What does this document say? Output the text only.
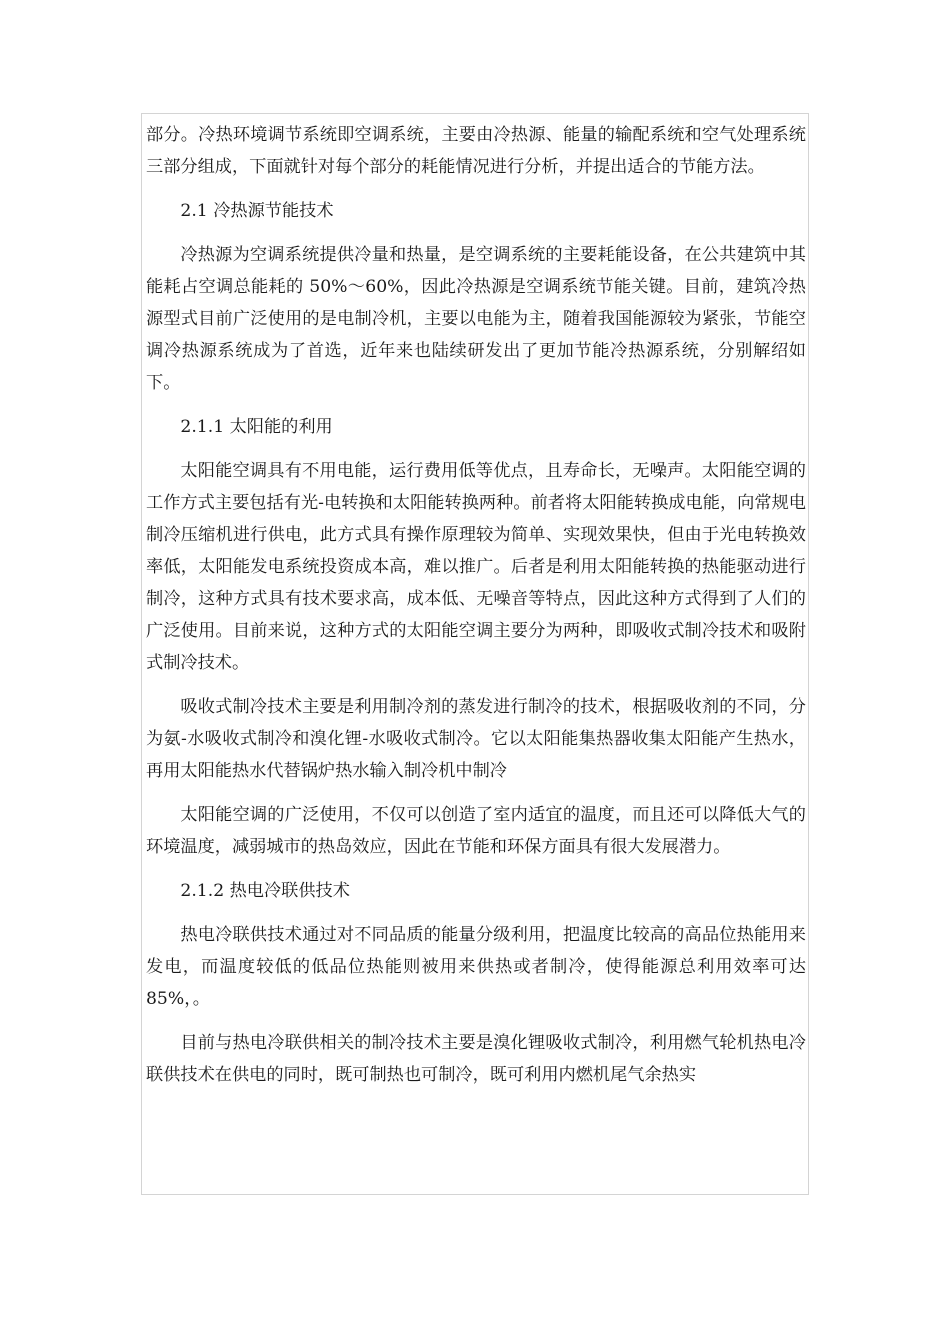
部分。冷热环境调节系统即空调系统，主要由冷热源、能量的输配系统和空气处理系统三部分组成，下面就针对每个部分的耗能情况进行分析，并提出适合的节能方法。

2.1 冷热源节能技术

冷热源为空调系统提供冷量和热量，是空调系统的主要耗能设备，在公共建筑中其能耗占空调总能耗的 50%～60%，因此冷热源是空调系统节能关键。目前，建筑冷热源型式目前广泛使用的是电制冷机，主要以电能为主，随着我国能源较为紧张，节能空调冷热源系统成为了首选，近年来也陆续研发出了更加节能冷热源系统，分别解绍如下。

2.1.1 太阳能的利用

太阳能空调具有不用电能，运行费用低等优点，且寿命长，无噪声。太阳能空调的工作方式主要包括有光-电转换和太阳能转换两种。前者将太阳能转换成电能，向常规电制冷压缩机进行供电，此方式具有操作原理较为简单、实现效果快，但由于光电转换效率低，太阳能发电系统投资成本高，难以推广。后者是利用太阳能转换的热能驱动进行制冷，这种方式具有技术要求高，成本低、无噪音等特点，因此这种方式得到了人们的广泛使用。目前来说，这种方式的太阳能空调主要分为两种，即吸收式制冷技术和吸附式制冷技术。

吸收式制冷技术主要是利用制冷剂的蒸发进行制冷的技术，根据吸收剂的不同，分为氨-水吸收式制冷和溴化锂-水吸收式制冷。它以太阳能集热器收集太阳能产生热水，再用太阳能热水代替锅炉热水输入制冷机中制冷

太阳能空调的广泛使用，不仅可以创造了室内适宜的温度，而且还可以降低大气的环境温度，减弱城市的热岛效应，因此在节能和环保方面具有很大发展潜力。

2.1.2 热电冷联供技术

热电冷联供技术通过对不同品质的能量分级利用，把温度比较高的高品位热能用来发电，而温度较低的低品位热能则被用来供热或者制冷，使得能源总利用效率可达 85%，。

目前与热电冷联供相关的制冷技术主要是溴化锂吸收式制冷，利用燃气轮机热电冷联供技术在供电的同时，既可制热也可制冷，既可利用内燃机尾气余热实
